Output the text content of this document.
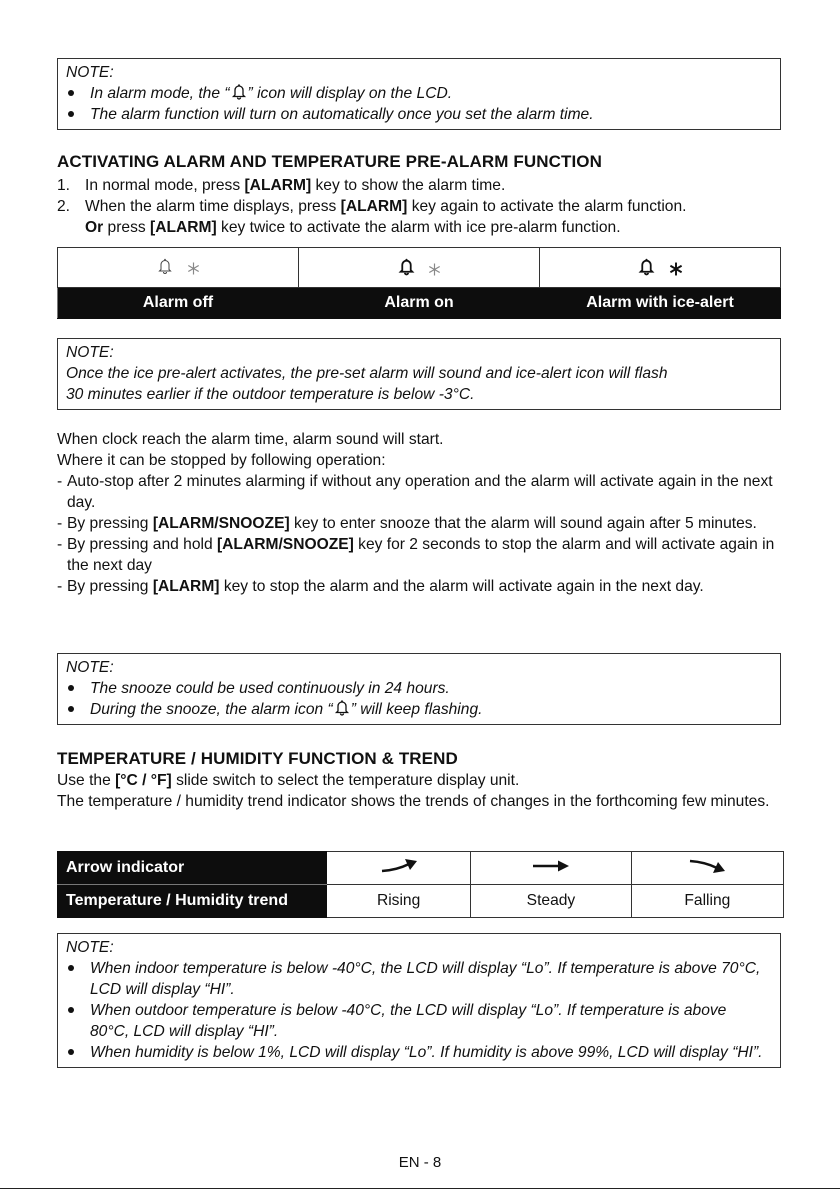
NOTE:
In alarm mode, the “ ” icon will display on the LCD.
The alarm function will turn on automatically once you set the alarm time.
ACTIVATING ALARM AND TEMPERATURE PRE-ALARM FUNCTION
1. In normal mode, press [ALARM] key to show the alarm time.
2. When the alarm time displays, press [ALARM] key again to activate the alarm function.
Or press [ALARM] key twice to activate the alarm with ice pre-alarm function.

Alarm off	Alarm on	Alarm with ice-alert
NOTE:
Once the ice pre-alert activates, the pre-set alarm will sound and ice-alert icon will flash
30 minutes earlier if the outdoor temperature is below -3°C.
When clock reach the alarm time, alarm sound will start.
Where it can be stopped by following operation:
- Auto-stop after 2 minutes alarming if without any operation and the alarm will activate again in the next day.
- By pressing [ALARM/SNOOZE] key to enter snooze that the alarm will sound again after 5 minutes.
- By pressing and hold [ALARM/SNOOZE] key for 2 seconds to stop the alarm and will activate again in the next day
- By pressing [ALARM] key to stop the alarm and the alarm will activate again in the next day.
NOTE:
The snooze could be used continuously in 24 hours.
During the snooze, the alarm icon “ ” will keep flashing.
TEMPERATURE / HUMIDITY FUNCTION & TREND
Use the [°C / °F] slide switch to select the temperature display unit.
The temperature / humidity trend indicator shows the trends of changes in the forthcoming few minutes.
Arrow indicator			
Temperature / Humidity trend	Rising	Steady	Falling
NOTE:
When indoor temperature is below -40°C, the LCD will display “Lo”. If temperature is above 70°C, LCD will display “HI”.
When outdoor temperature is below -40°C, the LCD will display “Lo”. If temperature is above 80°C, LCD will display “HI”.
When humidity is below 1%, LCD will display “Lo”. If humidity is above 99%, LCD will display “HI”.
EN - 8
